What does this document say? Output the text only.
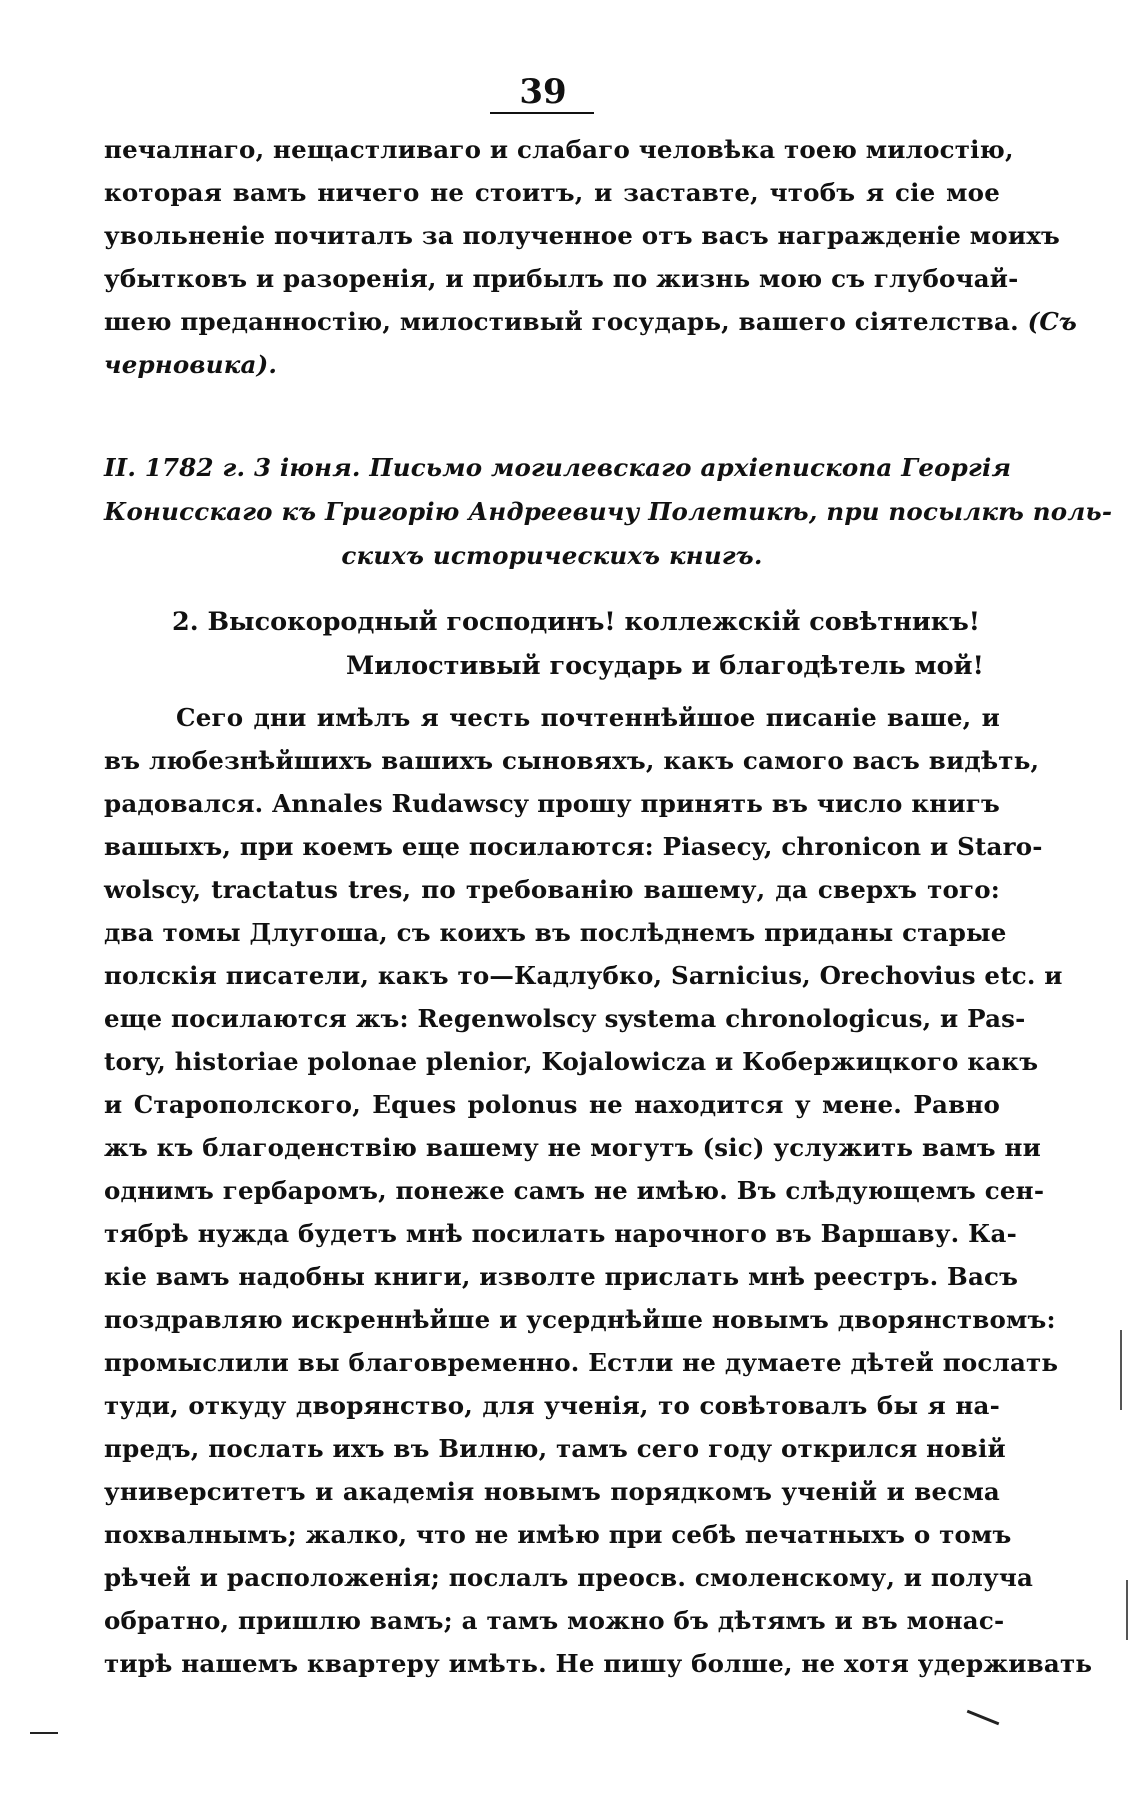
39
печалнаго, нещастливаго и слабаго человѣка тоею милостію,
которая вамъ ничего не стоитъ, и заставте, чтобъ я сіе мое
увольненіе почиталъ за полученное отъ васъ награжденіе моихъ
убытковъ и разоренія, и прибылъ по жизнь мою съ глубочай-
шею преданностію, милостивый государь, вашего сіятелства. (Съ
черновика).
II. 1782 г. 3 іюня. Письмо могилевскаго архіепископа Георгія
Конисскаго къ Григорію Андреевичу Полетикѣ, при посылкѣ поль-
скихъ историческихъ книгъ.
2. Высокородный господинъ! коллежскій совѣтникъ!
Милостивый государь и благодѣтель мой!
Сего дни имѣлъ я честь почтеннѣйшое писаніе ваше, и
въ любезнѣйшихъ вашихъ сыновяхъ, какъ самого васъ видѣть,
радовался. Annales Rudawscy прошу принять въ число книгъ
вашыхъ, при коемъ еще посилаются: Piasecy, chronicon и Staro-
wolscy, tractatus tres, по требованію вашему, да сверхъ того:
два томы Длугоша, съ коихъ въ послѣднемъ приданы старые
полскія писатели, какъ то—Кадлубко, Sarnicius, Orechovius etc. и
еще посилаются жъ: Regenwolscy systema chronologicus, и Pas-
tory, historiae polonae plenior, Kojalowicza и Кобержицкого какъ
и Старополского, Eques polonus не находится у мене. Равно
жъ къ благоденствію вашему не могутъ (sic) услужить вамъ ни
однимъ гербаромъ, понеже самъ не имѣю. Въ слѣдующемъ сен-
тябрѣ нужда будетъ мнѣ посилать нарочного въ Варшаву. Ка-
кіе вамъ надобны книги, изволте прислать мнѣ реестръ. Васъ
поздравляю искреннѣйше и усерднѣйше новымъ дворянствомъ:
промыслили вы благовременно. Естли не думаете дѣтей послать
туди, откуду дворянство, для ученія, то совѣтовалъ бы я на-
предъ, послать ихъ въ Вилню, тамъ сего году открился новій
университетъ и академія новымъ порядкомъ ученій и весма
похвалнымъ; жалко, что не имѣю при себѣ печатныхъ о томъ
рѣчей и расположенія; послалъ преосв. смоленскому, и получа
обратно, пришлю вамъ; а тамъ можно бъ дѣтямъ и въ монас-
тирѣ нашемъ квартеру имѣть. Не пишу болше, не хотя удерживать
